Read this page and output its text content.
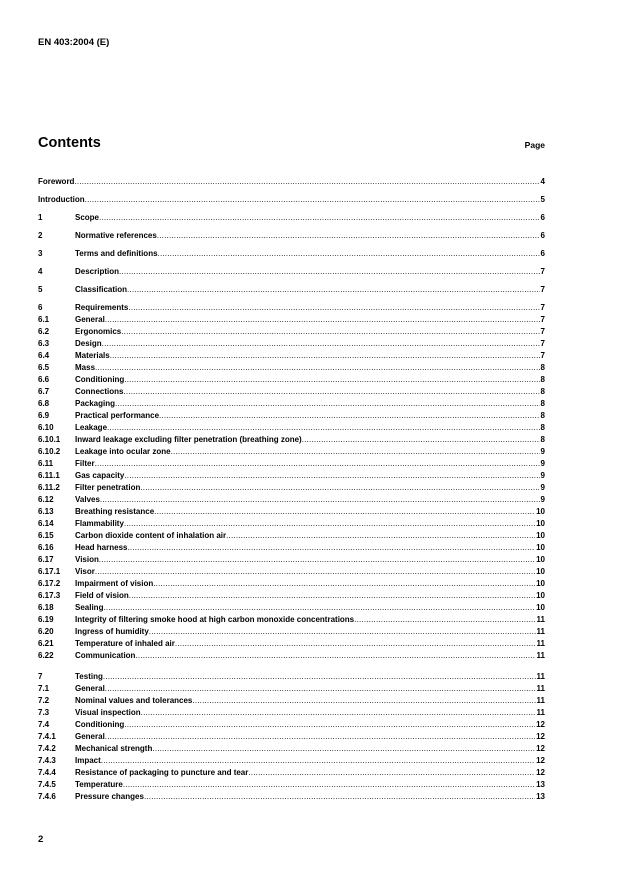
EN 403:2004 (E)
Contents	Page
Foreword .....	4
Introduction .....	5
1	Scope .....	6
2	Normative references .....	6
3	Terms and definitions .....	6
4	Description .....	7
5	Classification .....	7
6	Requirements .....	7
6.1	General .....	7
6.2	Ergonomics .....	7
6.3	Design .....	7
6.4	Materials .....	7
6.5	Mass .....	8
6.6	Conditioning .....	8
6.7	Connections .....	8
6.8	Packaging .....	8
6.9	Practical performance .....	8
6.10	Leakage .....	8
6.10.1	Inward leakage excluding filter penetration (breathing zone) .....	8
6.10.2	Leakage into ocular zone .....	9
6.11	Filter .....	9
6.11.1	Gas capacity .....	9
6.11.2	Filter penetration .....	9
6.12	Valves .....	9
6.13	Breathing resistance .....	10
6.14	Flammability .....	10
6.15	Carbon dioxide content of inhalation air .....	10
6.16	Head harness .....	10
6.17	Vision .....	10
6.17.1	Visor .....	10
6.17.2	Impairment of vision .....	10
6.17.3	Field of vision .....	10
6.18	Sealing .....	10
6.19	Integrity of filtering smoke hood at high carbon monoxide concentrations .....	11
6.20	Ingress of humidity .....	11
6.21	Temperature of inhaled air .....	11
6.22	Communication .....	11
7	Testing .....	11
7.1	General .....	11
7.2	Nominal values and tolerances .....	11
7.3	Visual inspection .....	11
7.4	Conditioning .....	12
7.4.1	General .....	12
7.4.2	Mechanical strength .....	12
7.4.3	Impact .....	12
7.4.4	Resistance of packaging to puncture and tear .....	12
7.4.5	Temperature .....	13
7.4.6	Pressure changes .....	13
2
